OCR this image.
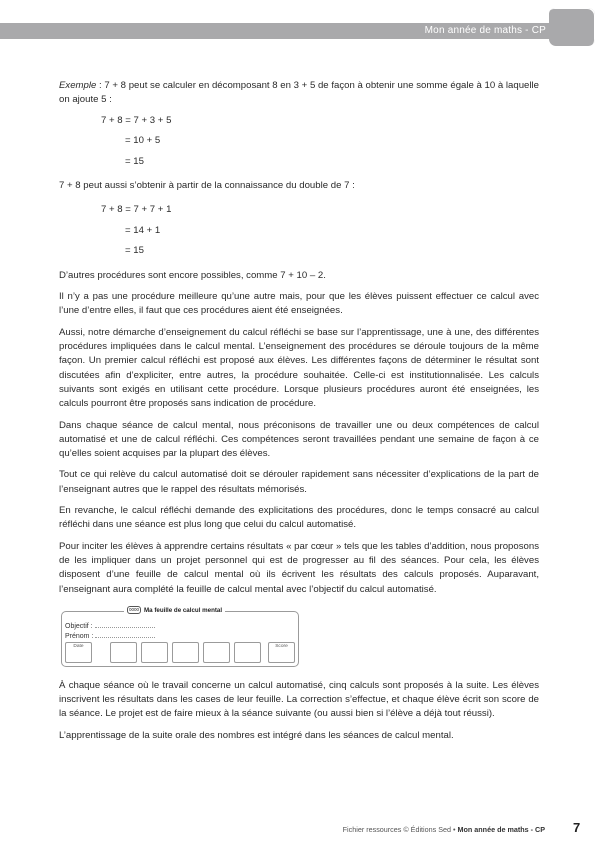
Mon année de maths - CP

Exemple : 7 + 8 peut se calculer en décomposant 8 en 3 + 5 de façon à obtenir une somme égale à 10 à laquelle on ajoute 5 :

7 + 8 = 7 + 3 + 5
= 10 + 5
= 15

7 + 8 peut aussi s’obtenir à partir de la connaissance du double de 7 :

7 + 8 = 7 + 7 + 1
= 14 + 1
= 15

D’autres procédures sont encore possibles, comme 7 + 10 – 2.

Il n’y a pas une procédure meilleure qu’une autre mais, pour que les élèves puissent effectuer ce calcul avec l’une d’entre elles, il faut que ces procédures aient été enseignées.

Aussi, notre démarche d’enseignement du calcul réfléchi se base sur l’apprentissage, une à une, des différentes procédures impliquées dans le calcul mental. L’enseignement des procédures se déroule toujours de la même façon. Un premier calcul réfléchi est proposé aux élèves. Les différentes façons de déterminer le résultat sont discutées afin d’expliciter, entre autres, la procédure souhaitée. Celle-ci est institutionnalisée. Les calculs suivants sont exigés en utilisant cette procédure. Lorsque plusieurs procédures auront été enseignées, les calculs pourront être proposés sans indication de procédure.

Dans chaque séance de calcul mental, nous préconisons de travailler une ou deux compétences de calcul automatisé et une de calcul réfléchi. Ces compétences seront travaillées pendant une semaine de façon à ce qu’elles soient acquises par la plupart des élèves.

Tout ce qui relève du calcul automatisé doit se dérouler rapidement sans nécessiter d’explications de la part de l’enseignant autres que le rappel des résultats mémorisés.

En revanche, le calcul réfléchi demande des explicitations des procédures, donc le temps consacré au calcul réfléchi dans une séance est plus long que celui du calcul automatisé.

Pour inciter les élèves à apprendre certains résultats « par cœur » tels que les tables d’addition, nous proposons de les impliquer dans un projet personnel qui est de progresser au fil des séances. Pour cela, les élèves disposent d’une feuille de calcul mental où ils écrivent les résultats des calculs proposés. Auparavant, l’enseignant aura complété la feuille de calcul mental avec l’objectif du calcul automatisé.

0000 Ma feuille de calcul mental
Objectif :
Prénom :
Date	Score

À chaque séance où le travail concerne un calcul automatisé, cinq calculs sont proposés à la suite. Les élèves inscrivent les résultats dans les cases de leur feuille. La correction s’effectue, et chaque élève écrit son score de la séance. Le projet est de faire mieux à la séance suivante (ou aussi bien si l’élève a déjà tout réussi).

L’apprentissage de la suite orale des nombres est intégré dans les séances de calcul mental.

Fichier ressources © Éditions Sed • Mon année de maths - CP 7
